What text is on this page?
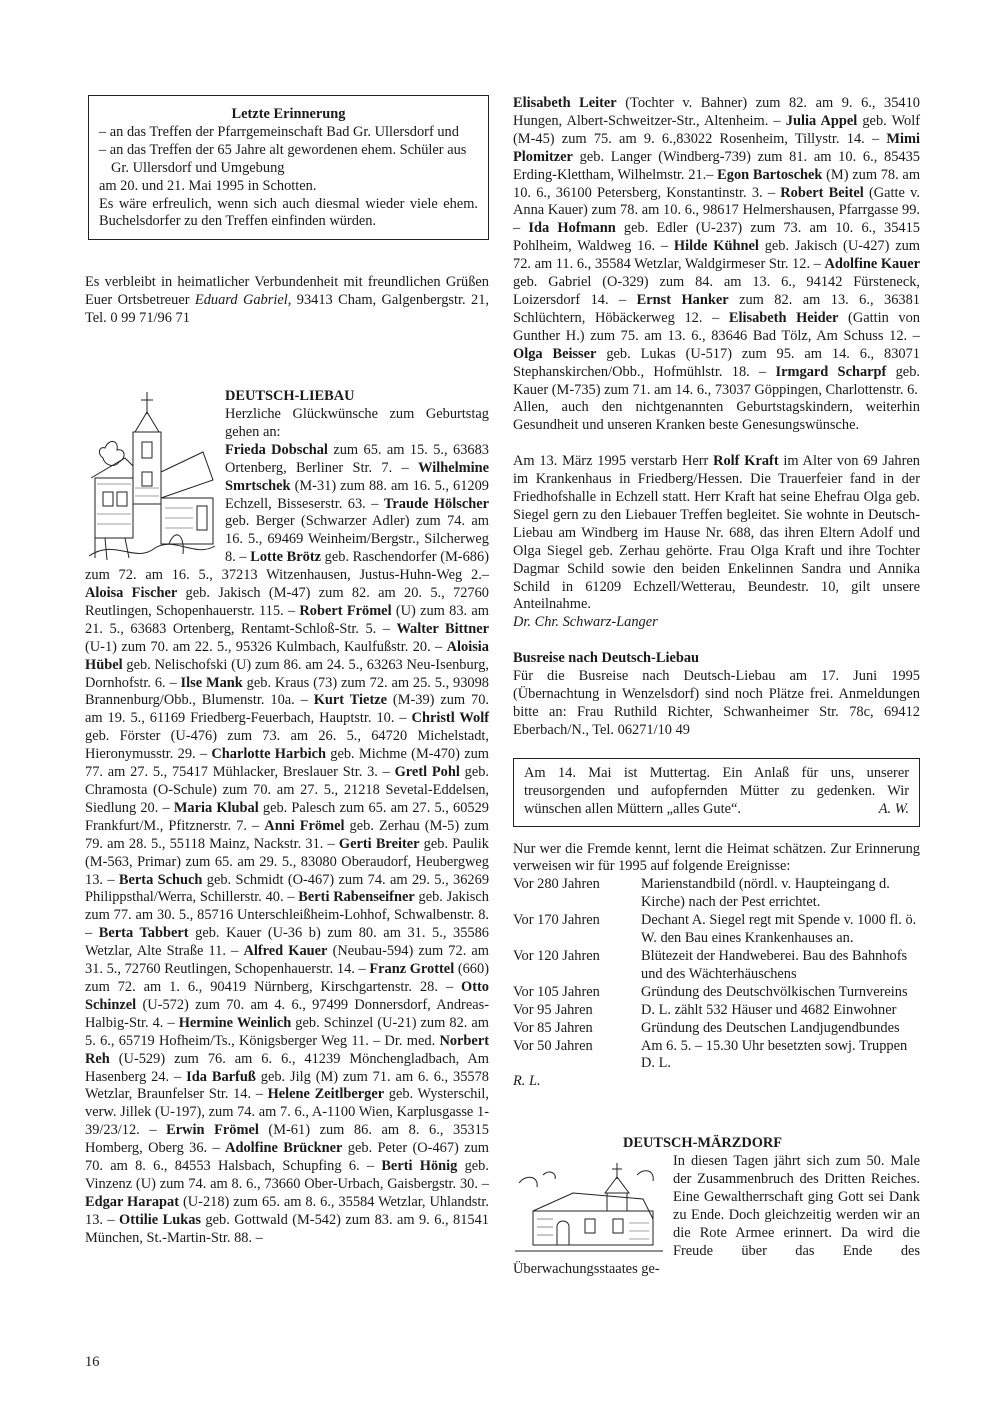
Letzte Erinnerung

– an das Treffen der Pfarrgemeinschaft Bad Gr. Ullersdorf und

– an das Treffen der 65 Jahre alt gewordenen ehem. Schüler aus Gr. Ullersdorf und Umgebung

am 20. und 21. Mai 1995 in Schotten.

Es wäre erfreulich, wenn sich auch diesmal wieder viele ehem. Buchelsdorfer zu den Treffen einfinden würden.

Es verbleibt in heimatlicher Verbundenheit mit freundlichen Grüßen Euer Ortsbetreuer Eduard Gabriel, 93413 Cham, Galgenbergstr. 21, Tel. 0 99 71/96 71

DEUTSCH-LIEBAU

Herzliche Glückwünsche zum Geburtstag gehen an:

Frieda Dobschal zum 65. am 15. 5., 63683 Ortenberg, Berliner Str. 7. – Wilhelmine Smrtschek (M-31) zum 88. am 16. 5., 61209 Echzell, Bisseserstr. 63. – Traude Hölscher geb. Berger (Schwarzer Adler) zum 74. am 16. 5., 69469 Weinheim/Bergstr., Silcherweg 8. – Lotte Brötz geb. Raschendorfer (M-686) zum 72. am 16. 5., 37213 Witzenhausen, Justus-Huhn-Weg 2.– Aloisa Fischer geb. Jakisch (M-47) zum 82. am 20. 5., 72760 Reutlingen, Schopenhauerstr. 115. – Robert Frömel (U) zum 83. am 21. 5., 63683 Ortenberg, Rentamt-Schloß-Str. 5. – Walter Bittner (U-1) zum 70. am 22. 5., 95326 Kulmbach, Kaulfußstr. 20. – Aloisia Hübel geb. Nelischofski (U) zum 86. am 24. 5., 63263 Neu-Isenburg, Dornhofstr. 6. – Ilse Mank geb. Kraus (73) zum 72. am 25. 5., 93098 Brannenburg/Obb., Blumenstr. 10a. – Kurt Tietze (M-39) zum 70. am 19. 5., 61169 Friedberg-Feuerbach, Hauptstr. 10. – Christl Wolf geb. Förster (U-476) zum 73. am 26. 5., 64720 Michelstadt, Hieronymusstr. 29. – Charlotte Harbich geb. Michme (M-470) zum 77. am 27. 5., 75417 Mühlacker, Breslauer Str. 3. – Gretl Pohl geb. Chramosta (O-Schule) zum 70. am 27. 5., 21218 Sevetal-Eddelsen, Siedlung 20. – Maria Klubal geb. Palesch zum 65. am 27. 5., 60529 Frankfurt/M., Pfitznerstr. 7. – Anni Frömel geb. Zerhau (M-5) zum 79. am 28. 5., 55118 Mainz, Nackstr. 31. – Gerti Breiter geb. Paulik (M-563, Primar) zum 65. am 29. 5., 83080 Oberaudorf, Heubergweg 13. – Berta Schuch geb. Schmidt (O-467) zum 74. am 29. 5., 36269 Philippsthal/Werra, Schillerstr. 40. – Berti Rabenseifner geb. Jakisch zum 77. am 30. 5., 85716 Unterschleißheim-Lohhof, Schwalbenstr. 8. – Berta Tabbert geb. Kauer (U-36 b) zum 80. am 31. 5., 35586 Wetzlar, Alte Straße 11. – Alfred Kauer (Neubau-594) zum 72. am 31. 5., 72760 Reutlingen, Schopenhauerstr. 14. – Franz Grottel (660) zum 72. am 1. 6., 90419 Nürnberg, Kirschgartenstr. 28. – Otto Schinzel (U-572) zum 70. am 4. 6., 97499 Donnersdorf, Andreas-Halbig-Str. 4. – Hermine Weinlich geb. Schinzel (U-21) zum 82. am 5. 6., 65719 Hofheim/Ts., Königsberger Weg 11. – Dr. med. Norbert Reh (U-529) zum 76. am 6. 6., 41239 Mönchengladbach, Am Hasenberg 24. – Ida Barfuß geb. Jilg (M) zum 71. am 6. 6., 35578 Wetzlar, Braunfelser Str. 14. – Helene Zeitlberger geb. Wysterschil, verw. Jillek (U-197), zum 74. am 7. 6., A-1100 Wien, Karplusgasse 1-39/23/12. – Erwin Frömel (M-61) zum 86. am 8. 6., 35315 Homberg, Oberg 36. – Adolfine Brückner geb. Peter (O-467) zum 70. am 8. 6., 84553 Halsbach, Schupfing 6. – Berti Hönig geb. Vinzenz (U) zum 74. am 8. 6., 73660 Ober-Urbach, Gaisbergstr. 30. – Edgar Harapat (U-218) zum 65. am 8. 6., 35584 Wetzlar, Uhlandstr. 13. – Ottilie Lukas geb. Gottwald (M-542) zum 83. am 9. 6., 81541 München, St.-Martin-Str. 88. –

Elisabeth Leiter (Tochter v. Bahner) zum 82. am 9. 6., 35410 Hungen, Albert-Schweitzer-Str., Altenheim. – Julia Appel geb. Wolf (M-45) zum 75. am 9. 6.,83022 Rosenheim, Tillystr. 14. – Mimi Plomitzer geb. Langer (Windberg-739) zum 81. am 10. 6., 85435 Erding-Klettham, Wilhelmstr. 21.– Egon Bartoschek (M) zum 78. am 10. 6., 36100 Petersberg, Konstantinstr. 3. – Robert Beitel (Gatte v. Anna Kauer) zum 78. am 10. 6., 98617 Helmershausen, Pfarrgasse 99. – Ida Hofmann geb. Edler (U-237) zum 73. am 10. 6., 35415 Pohlheim, Waldweg 16. – Hilde Kühnel geb. Jakisch (U-427) zum 72. am 11. 6., 35584 Wetzlar, Waldgirmeser Str. 12. – Adolfine Kauer geb. Gabriel (O-329) zum 84. am 13. 6., 94142 Fürsteneck, Loizersdorf 14. – Ernst Hanker zum 82. am 13. 6., 36381 Schlüchtern, Höbäckerweg 12. – Elisabeth Heider (Gattin von Gunther H.) zum 75. am 13. 6., 83646 Bad Tölz, Am Schuss 12. – Olga Beisser geb. Lukas (U-517) zum 95. am 14. 6., 83071 Stephanskirchen/Obb., Hofmühlstr. 18. – Irmgard Scharpf geb. Kauer (M-735) zum 71. am 14. 6., 73037 Göppingen, Charlottenstr. 6.

Allen, auch den nichtgenannten Geburtstagskindern, weiterhin Gesundheit und unseren Kranken beste Genesungswünsche.

Am 13. März 1995 verstarb Herr Rolf Kraft im Alter von 69 Jahren im Krankenhaus in Friedberg/Hessen. Die Trauerfeier fand in der Friedhofshalle in Echzell statt. Herr Kraft hat seine Ehefrau Olga geb. Siegel gern zu den Liebauer Treffen begleitet. Sie wohnte in Deutsch-Liebau am Windberg im Hause Nr. 688, das ihren Eltern Adolf und Olga Siegel geb. Zerhau gehörte. Frau Olga Kraft und ihre Tochter Dagmar Schild sowie den beiden Enkelinnen Sandra und Annika Schild in 61209 Echzell/Wetterau, Beundestr. 10, gilt unsere Anteilnahme.

Dr. Chr. Schwarz-Langer

Busreise nach Deutsch-Liebau

Für die Busreise nach Deutsch-Liebau am 17. Juni 1995 (Übernachtung in Wenzelsdorf) sind noch Plätze frei. Anmeldungen bitte an: Frau Ruthild Richter, Schwanheimer Str. 78c, 69412 Eberbach/N., Tel. 06271/10 49

Am 14. Mai ist Muttertag. Ein Anlaß für uns, unserer treusorgenden und aufopfernden Mütter zu gedenken. Wir wünschen allen Müttern „alles Gute“.	A. W.

Nur wer die Fremde kennt, lernt die Heimat schätzen. Zur Erinnerung verweisen wir für 1995 auf folgende Ereignisse:

Vor 280 Jahren	Marienstandbild (nördl. v. Haupteingang d. Kirche) nach der Pest errichtet.
Vor 170 Jahren	Dechant A. Siegel regt mit Spende v. 1000 fl. ö. W. den Bau eines Krankenhauses an.
Vor 120 Jahren	Blütezeit der Handweberei. Bau des Bahnhofs und des Wächterhäuschens
Vor 105 Jahren	Gründung des Deutschvölkischen Turnvereins
Vor 95 Jahren	D. L. zählt 532 Häuser und 4682 Einwohner
Vor 85 Jahren	Gründung des Deutschen Landjugendbundes
Vor 50 Jahren	Am 6. 5. – 15.30 Uhr besetzten sowj. Truppen D. L.

R. L.

DEUTSCH-MÄRZDORF

In diesen Tagen jährt sich zum 50. Male der Zusammenbruch des Dritten Reiches. Eine Gewaltherrschaft ging Gott sei Dank zu Ende. Doch gleichzeitig werden wir an die Rote Armee erinnert. Da wird die Freude über das Ende des Überwachungsstaates ge-

16
